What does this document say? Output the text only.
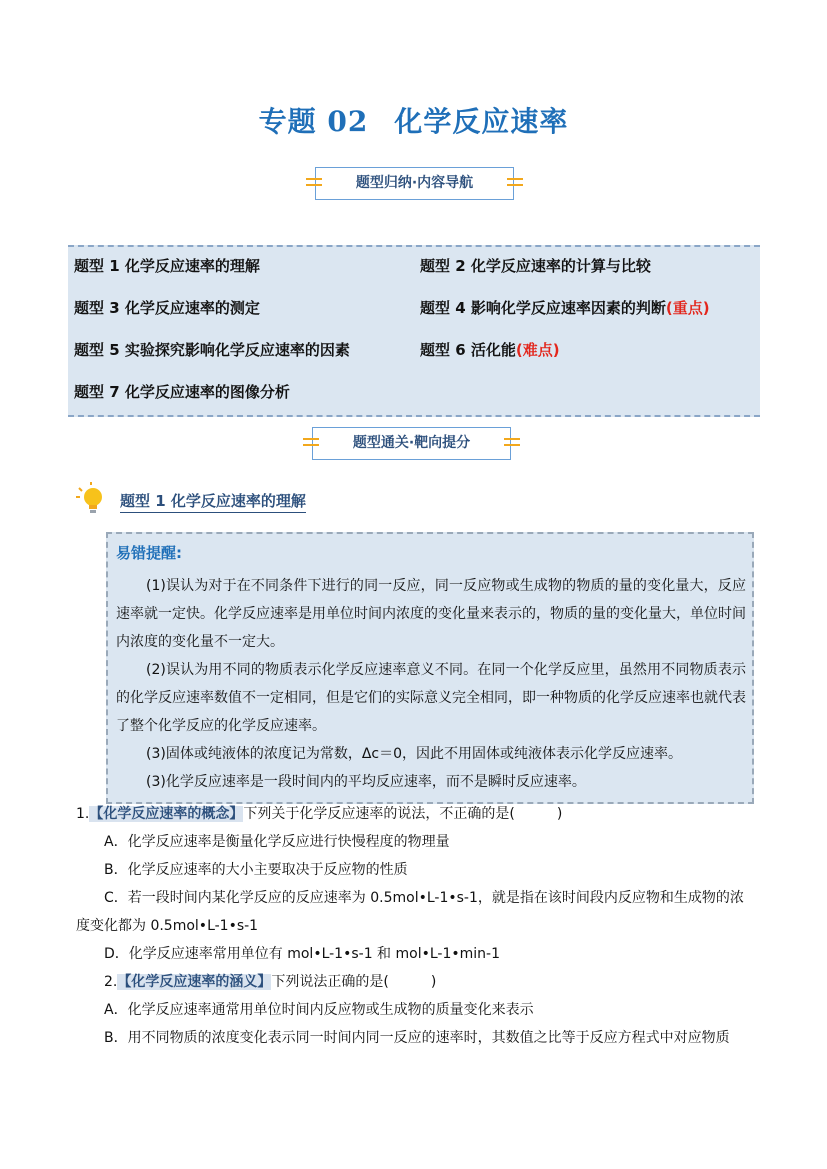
专题 02 化学反应速率
题型归纳·内容导航
题型 1 化学反应速率的理解	题型 2 化学反应速率的计算与比较
题型 3 化学反应速率的测定	题型 4 影响化学反应速率因素的判断(重点)
题型 5 实验探究影响化学反应速率的因素	题型 6 活化能(难点)
题型 7 化学反应速率的图像分析
题型通关·靶向提分
题型 1 化学反应速率的理解
易错提醒:
(1)误认为对于在不同条件下进行的同一反应，同一反应物或生成物的物质的量的变化量大，反应速率就一定快。化学反应速率是用单位时间内浓度的变化量来表示的，物质的量的变化量大，单位时间内浓度的变化量不一定大。
(2)误认为用不同的物质表示化学反应速率意义不同。在同一个化学反应里，虽然用不同物质表示的化学反应速率数值不一定相同，但是它们的实际意义完全相同，即一种物质的化学反应速率也就代表了整个化学反应的化学反应速率。
(3)固体或纯液体的浓度记为常数，Δc＝0，因此不用固体或纯液体表示化学反应速率。
(3)化学反应速率是一段时间内的平均反应速率，而不是瞬时反应速率。
1.【化学反应速率的概念】下列关于化学反应速率的说法，不正确的是(　　　)
A．化学反应速率是衡量化学反应进行快慢程度的物理量
B．化学反应速率的大小主要取决于反应物的性质
C．若一段时间内某化学反应的反应速率为 0.5mol•L-1•s-1，就是指在该时间段内反应物和生成物的浓度变化都为 0.5mol•L-1•s-1
D．化学反应速率常用单位有 mol•L-1•s-1 和 mol•L-1•min-1
2.【化学反应速率的涵义】下列说法正确的是(　　　)
A．化学反应速率通常用单位时间内反应物或生成物的质量变化来表示
B．用不同物质的浓度变化表示同一时间内同一反应的速率时，其数值之比等于反应方程式中对应物质
